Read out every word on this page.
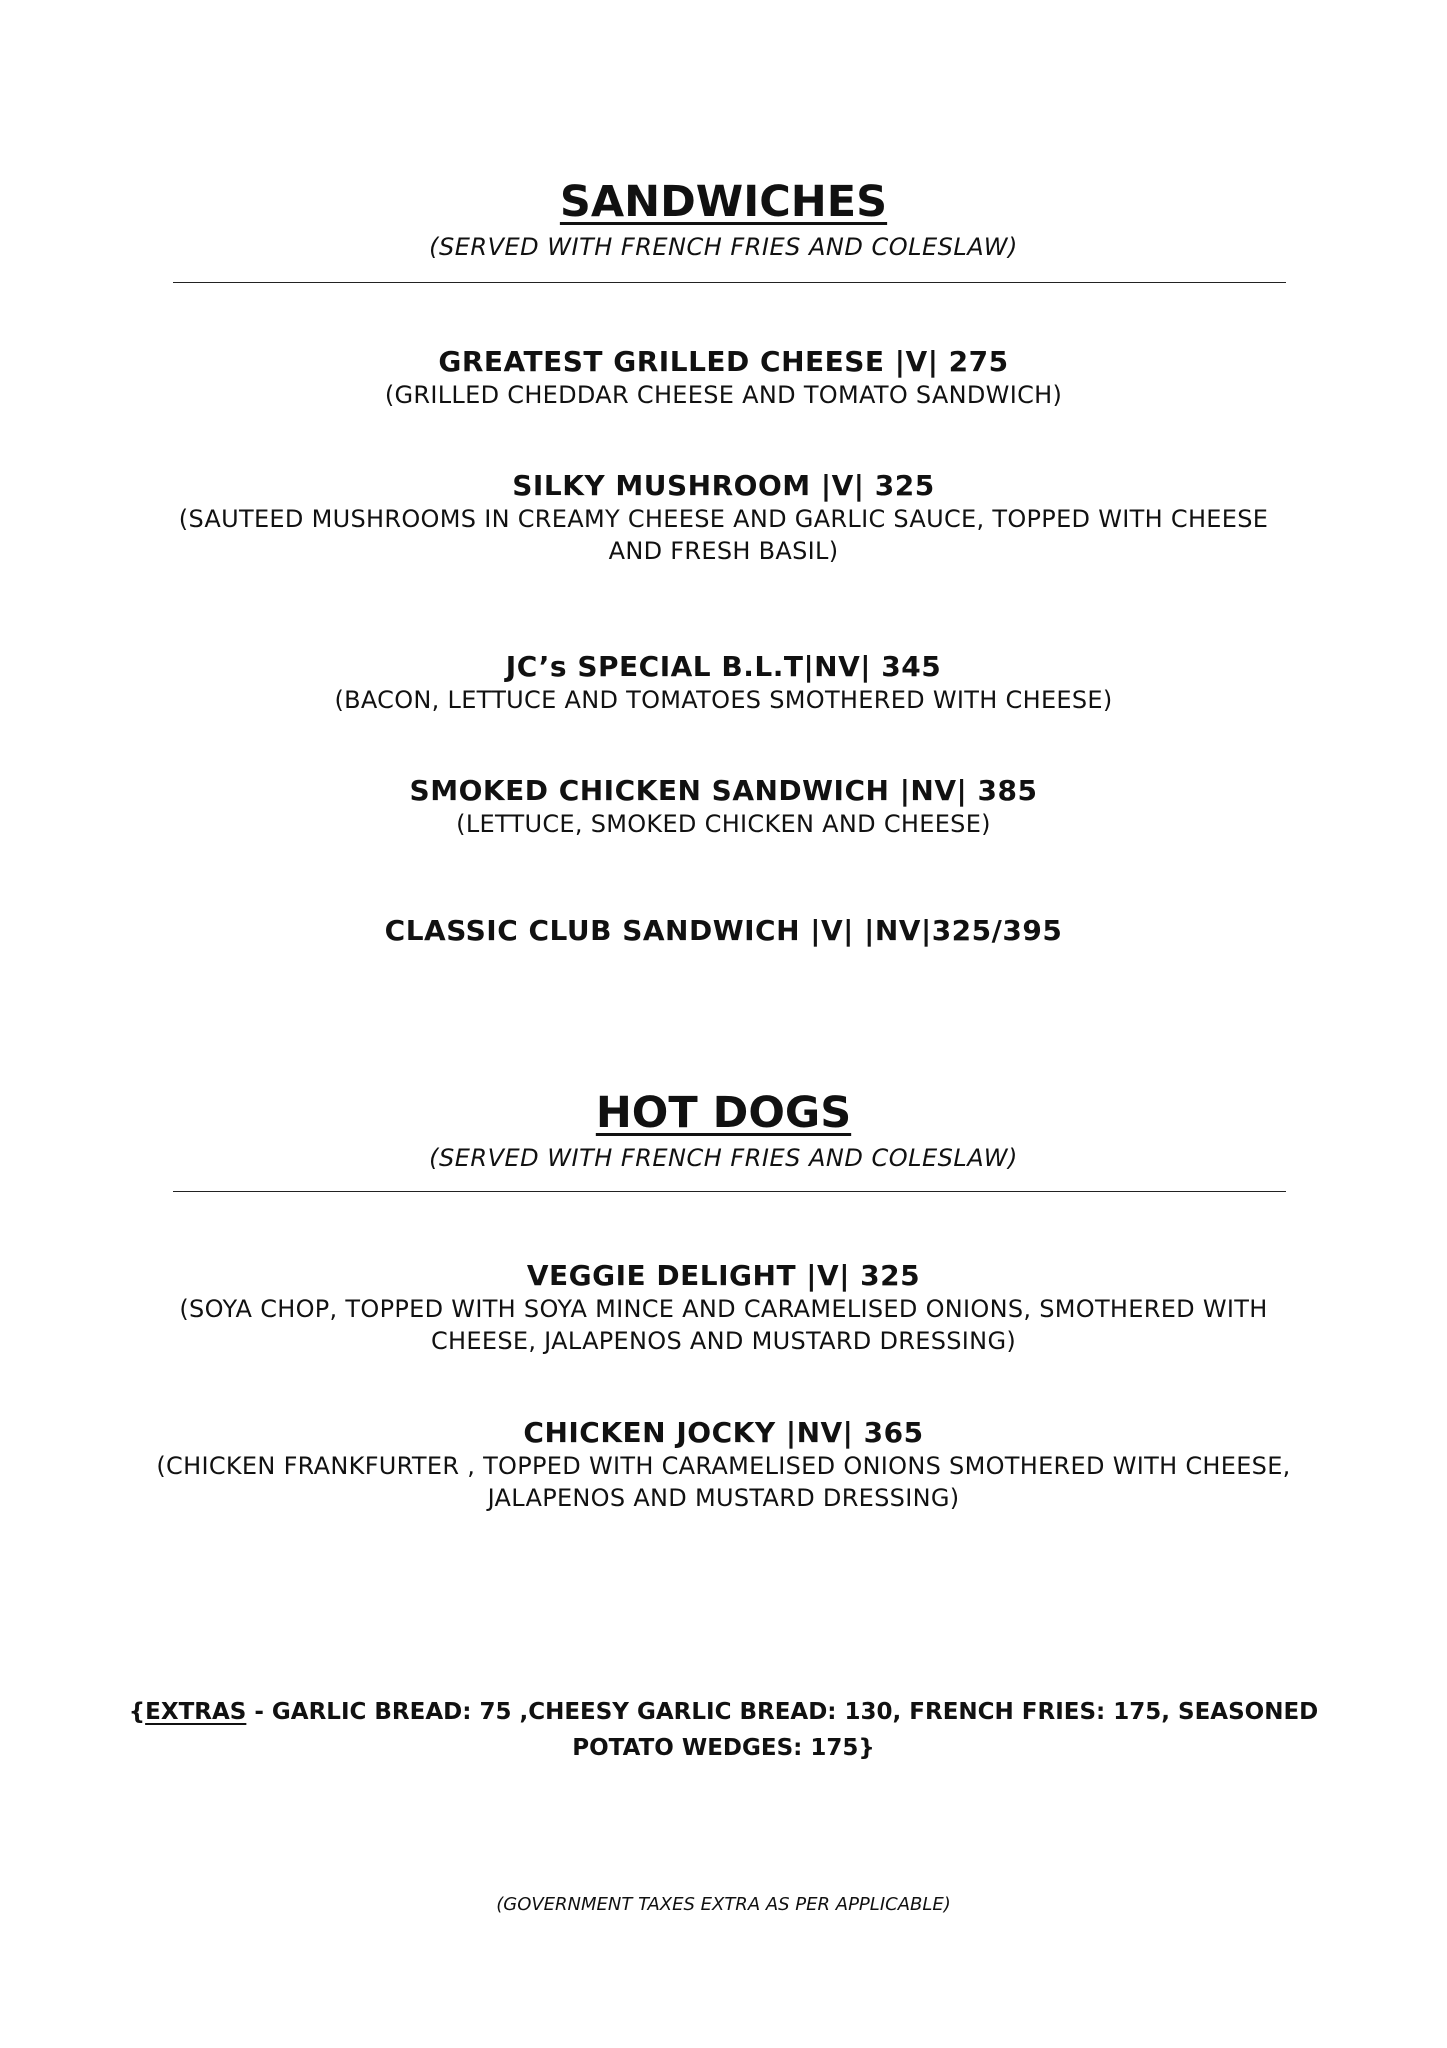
SANDWICHES

(SERVED WITH FRENCH FRIES AND COLESLAW)

GREATEST GRILLED CHEESE |V| 275

(GRILLED CHEDDAR CHEESE AND TOMATO SANDWICH)

SILKY MUSHROOM |V| 325

(SAUTEED MUSHROOMS IN CREAMY CHEESE AND GARLIC SAUCE, TOPPED WITH CHEESE

AND FRESH BASIL)

JC’s SPECIAL B.L.T|NV| 345

(BACON, LETTUCE AND TOMATOES SMOTHERED WITH CHEESE)

SMOKED CHICKEN SANDWICH |NV| 385

(LETTUCE, SMOKED CHICKEN AND CHEESE)

CLASSIC CLUB SANDWICH |V| |NV|325/395

HOT DOGS

(SERVED WITH FRENCH FRIES AND COLESLAW)

VEGGIE DELIGHT |V| 325

(SOYA CHOP, TOPPED WITH SOYA MINCE AND CARAMELISED ONIONS, SMOTHERED WITH

CHEESE, JALAPENOS AND MUSTARD DRESSING)

CHICKEN JOCKY |NV| 365

(CHICKEN FRANKFURTER , TOPPED WITH CARAMELISED ONIONS SMOTHERED WITH CHEESE,

JALAPENOS AND MUSTARD DRESSING)

{EXTRAS - GARLIC BREAD: 75 ,CHEESY GARLIC BREAD: 130, FRENCH FRIES: 175, SEASONED

POTATO WEDGES: 175}

(GOVERNMENT TAXES EXTRA AS PER APPLICABLE)
